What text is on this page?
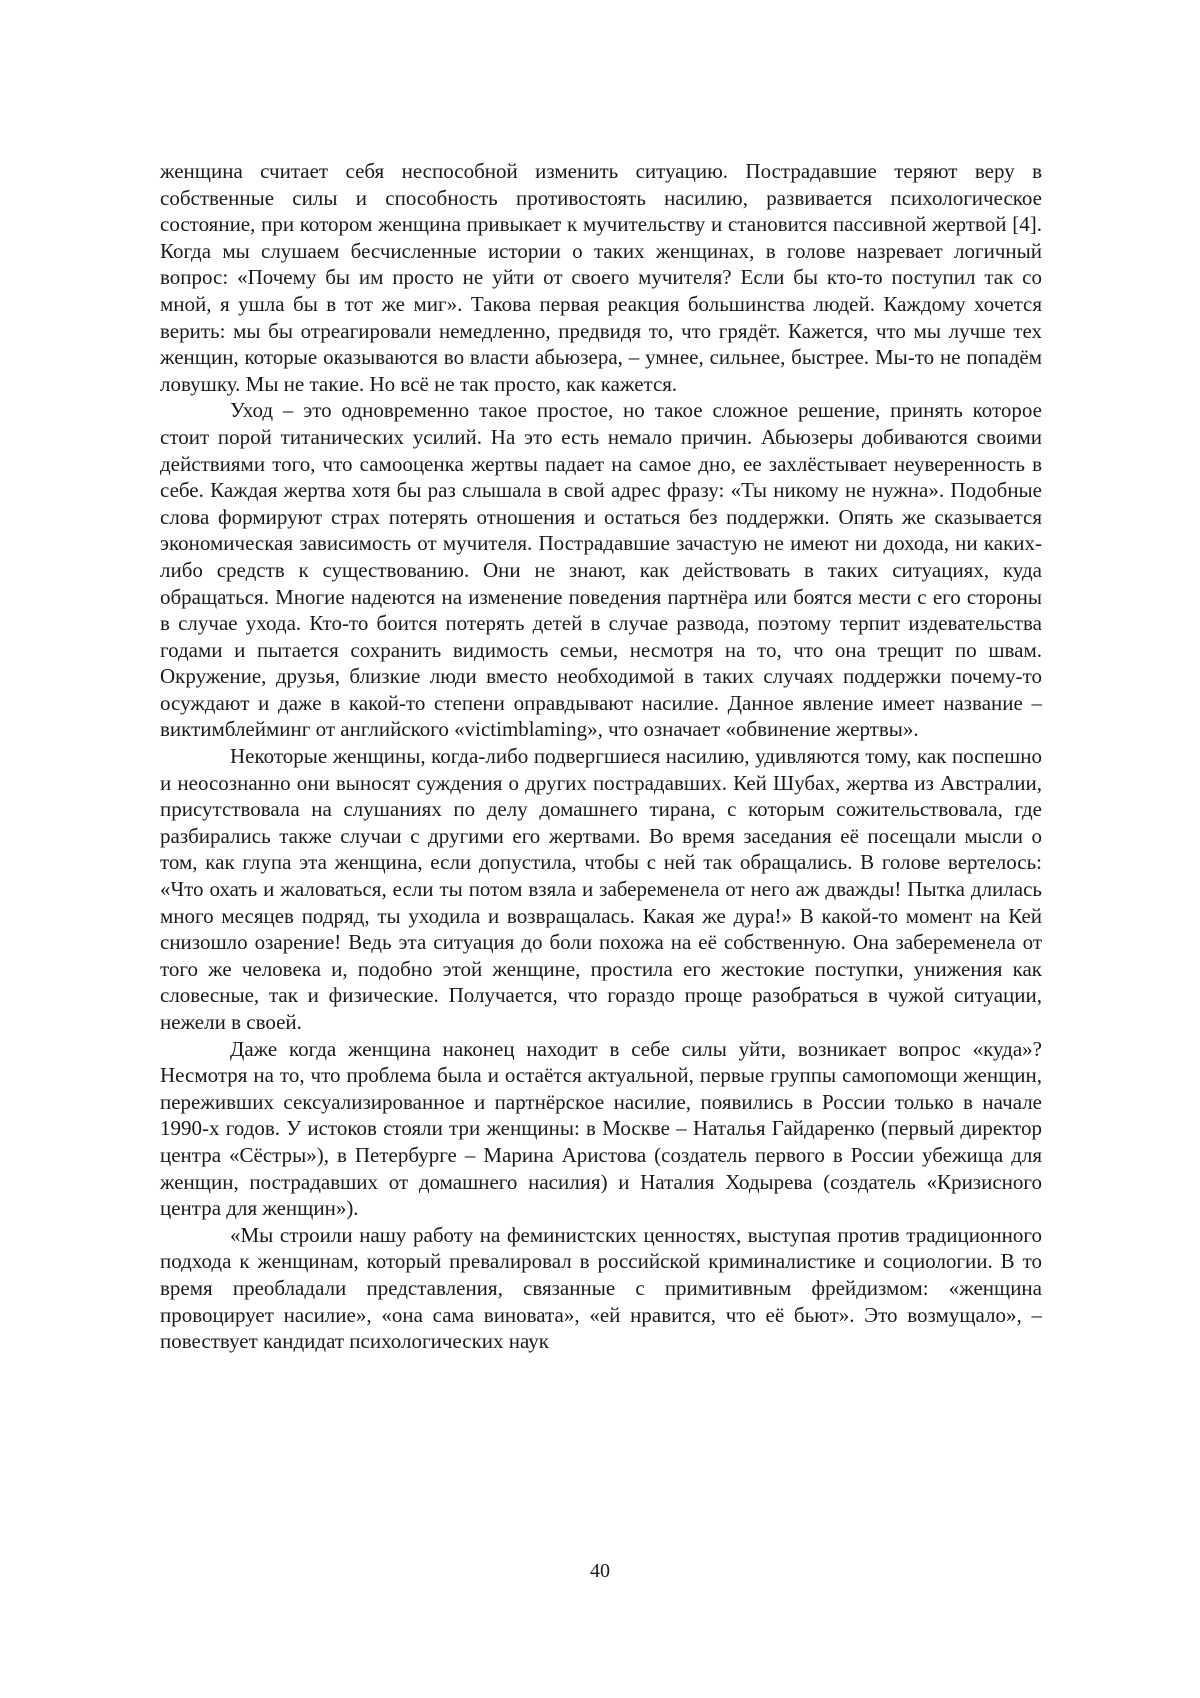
женщина считает себя неспособной изменить ситуацию. Пострадавшие теряют веру в собственные силы и способность противостоять насилию, развивается психологическое состояние, при котором женщина привыкает к мучительству и становится пассивной жертвой [4]. Когда мы слушаем бесчисленные истории о таких женщинах, в голове назревает логичный вопрос: «Почему бы им просто не уйти от своего мучителя? Если бы кто-то поступил так со мной, я ушла бы в тот же миг». Такова первая реакция большинства людей. Каждому хочется верить: мы бы отреагировали немедленно, предвидя то, что грядёт. Кажется, что мы лучше тех женщин, которые оказываются во власти абьюзера, – умнее, сильнее, быстрее. Мы-то не попадём ловушку. Мы не такие. Но всё не так просто, как кажется.

Уход – это одновременно такое простое, но такое сложное решение, принять которое стоит порой титанических усилий. На это есть немало причин. Абьюзеры добиваются своими действиями того, что самооценка жертвы падает на самое дно, ее захлёстывает неуверенность в себе. Каждая жертва хотя бы раз слышала в свой адрес фразу: «Ты никому не нужна». Подобные слова формируют страх потерять отношения и остаться без поддержки. Опять же сказывается экономическая зависимость от мучителя. Пострадавшие зачастую не имеют ни дохода, ни каких-либо средств к существованию. Они не знают, как действовать в таких ситуациях, куда обращаться. Многие надеются на изменение поведения партнёра или боятся мести с его стороны в случае ухода. Кто-то боится потерять детей в случае развода, поэтому терпит издевательства годами и пытается сохранить видимость семьи, несмотря на то, что она трещит по швам. Окружение, друзья, близкие люди вместо необходимой в таких случаях поддержки почему-то осуждают и даже в какой-то степени оправдывают насилие. Данное явление имеет название – виктимблейминг от английского «victimblaming», что означает «обвинение жертвы».

Некоторые женщины, когда-либо подвергшиеся насилию, удивляются тому, как поспешно и неосознанно они выносят суждения о других пострадавших. Кей Шубах, жертва из Австралии, присутствовала на слушаниях по делу домашнего тирана, с которым сожительствовала, где разбирались также случаи с другими его жертвами. Во время заседания её посещали мысли о том, как глупа эта женщина, если допустила, чтобы с ней так обращались. В голове вертелось: «Что охать и жаловаться, если ты потом взяла и забеременела от него аж дважды! Пытка длилась много месяцев подряд, ты уходила и возвращалась. Какая же дура!» В какой-то момент на Кей снизошло озарение! Ведь эта ситуация до боли похожа на её собственную. Она забеременела от того же человека и, подобно этой женщине, простила его жестокие поступки, унижения как словесные, так и физические. Получается, что гораздо проще разобраться в чужой ситуации, нежели в своей.

Даже когда женщина наконец находит в себе силы уйти, возникает вопрос «куда»? Несмотря на то, что проблема была и остаётся актуальной, первые группы самопомощи женщин, переживших сексуализированное и партнёрское насилие, появились в России только в начале 1990-х годов. У истоков стояли три женщины: в Москве – Наталья Гайдаренко (первый директор центра «Сёстры»), в Петербурге – Марина Аристова (создатель первого в России убежища для женщин, пострадавших от домашнего насилия) и Наталия Ходырева (создатель «Кризисного центра для женщин»).

«Мы строили нашу работу на феминистских ценностях, выступая против традиционного подхода к женщинам, который превалировал в российской криминалистике и социологии. В то время преобладали представления, связанные с примитивным фрейдизмом: «женщина провоцирует насилие», «она сама виновата», «ей нравится, что её бьют». Это возмущало», – повествует кандидат психологических наук

40
